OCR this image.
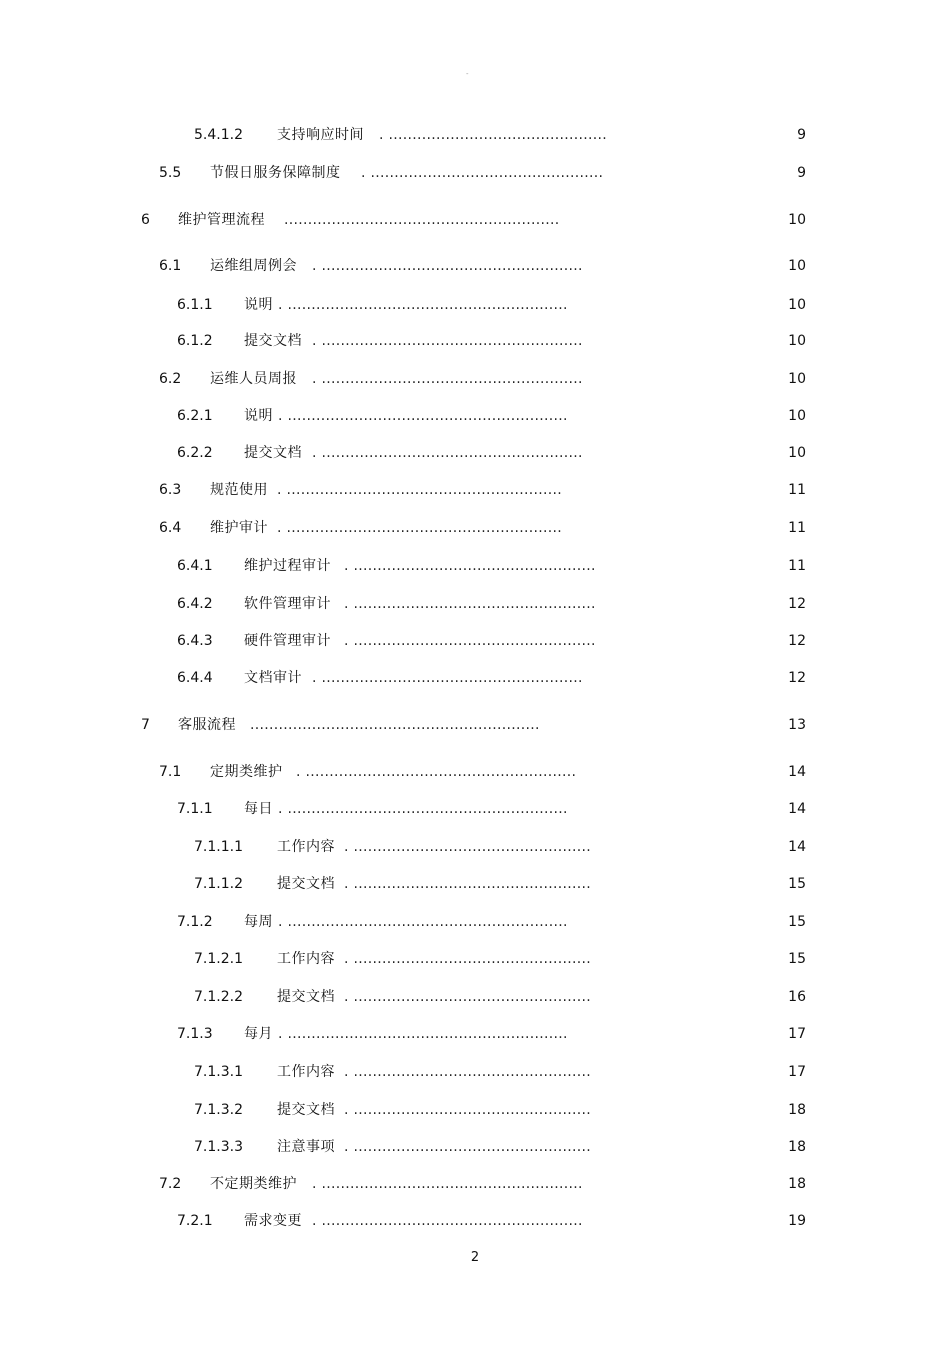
-
5.4.1.2 支持响应时间 . ..............................................	9
5.5 节假日服务保障制度 . .................................................	9
6 维护管理流程 ..........................................................	10
6.1 运维组周例会 . .......................................................	10
6.1.1 说明 . ...........................................................	10
6.1.2 提交文档 . .......................................................	10
6.2 运维人员周报 . .......................................................	10
6.2.1 说明 . ...........................................................	10
6.2.2 提交文档 . .......................................................	10
6.3 规范使用 . ..........................................................	11
6.4 维护审计 . ..........................................................	11
6.4.1 维护过程审计 . ...................................................	11
6.4.2 软件管理审计 . ...................................................	12
6.4.3 硬件管理审计 . ...................................................	12
6.4.4 文档审计 . .......................................................	12
7 客服流程 .............................................................	13
7.1 定期类维护 . .........................................................	14
7.1.1 每日 . ...........................................................	14
7.1.1.1 工作内容 . ..................................................	14
7.1.1.2 提交文档 . ..................................................	15
7.1.2 每周 . ...........................................................	15
7.1.2.1 工作内容 . ..................................................	15
7.1.2.2 提交文档 . ..................................................	16
7.1.3 每月 . ...........................................................	17
7.1.3.1 工作内容 . ..................................................	17
7.1.3.2 提交文档 . ..................................................	18
7.1.3.3 注意事项 . ..................................................	18
7.2 不定期类维护 . .......................................................	18
7.2.1 需求变更 . .......................................................	19
2
